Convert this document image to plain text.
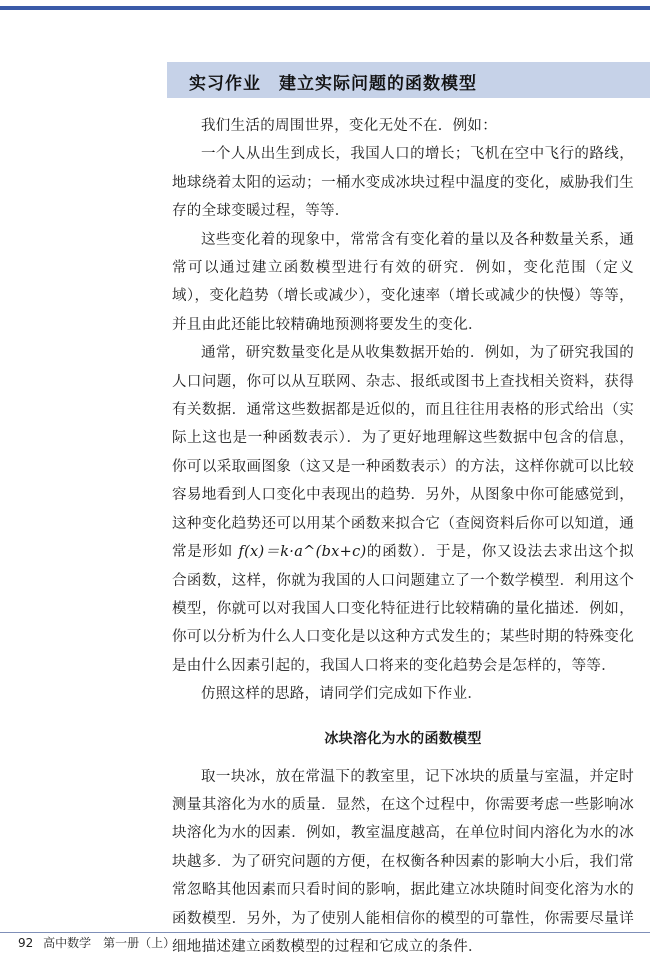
实习作业　建立实际问题的函数模型

我们生活的周围世界，变化无处不在．例如：

一个人从出生到成长，我国人口的增长；飞机在空中飞行的路线，地球绕着太阳的运动；一桶水变成冰块过程中温度的变化，威胁我们生存的全球变暖过程，等等．

这些变化着的现象中，常常含有变化着的量以及各种数量关系，通常可以通过建立函数模型进行有效的研究．例如，变化范围（定义域），变化趋势（增长或减少），变化速率（增长或减少的快慢）等等，并且由此还能比较精确地预测将要发生的变化．

通常，研究数量变化是从收集数据开始的．例如，为了研究我国的人口问题，你可以从互联网、杂志、报纸或图书上查找相关资料，获得有关数据．通常这些数据都是近似的，而且往往用表格的形式给出（实际上这也是一种函数表示）．为了更好地理解这些数据中包含的信息，你可以采取画图象（这又是一种函数表示）的方法，这样你就可以比较容易地看到人口变化中表现出的趋势．另外，从图象中你可能感觉到，这种变化趋势还可以用某个函数来拟合它（查阅资料后你可以知道，通常是形如 f(x)＝k·a^(bx+c)的函数）．于是，你又设法去求出这个拟合函数，这样，你就为我国的人口问题建立了一个数学模型．利用这个模型，你就可以对我国人口变化特征进行比较精确的量化描述．例如，你可以分析为什么人口变化是以这种方式发生的；某些时期的特殊变化是由什么因素引起的，我国人口将来的变化趋势会是怎样的，等等．

仿照这样的思路，请同学们完成如下作业．

冰块溶化为水的函数模型

取一块冰，放在常温下的教室里，记下冰块的质量与室温，并定时测量其溶化为水的质量．显然，在这个过程中，你需要考虑一些影响冰块溶化为水的因素．例如，教室温度越高，在单位时间内溶化为水的冰块越多．为了研究问题的方便，在权衡各种因素的影响大小后，我们常常忽略其他因素而只看时间的影响，据此建立冰块随时间变化溶为水的函数模型．另外，为了使别人能相信你的模型的可靠性，你需要尽量详细地描述建立函数模型的过程和它成立的条件．

92 高中数学　第一册（上）
